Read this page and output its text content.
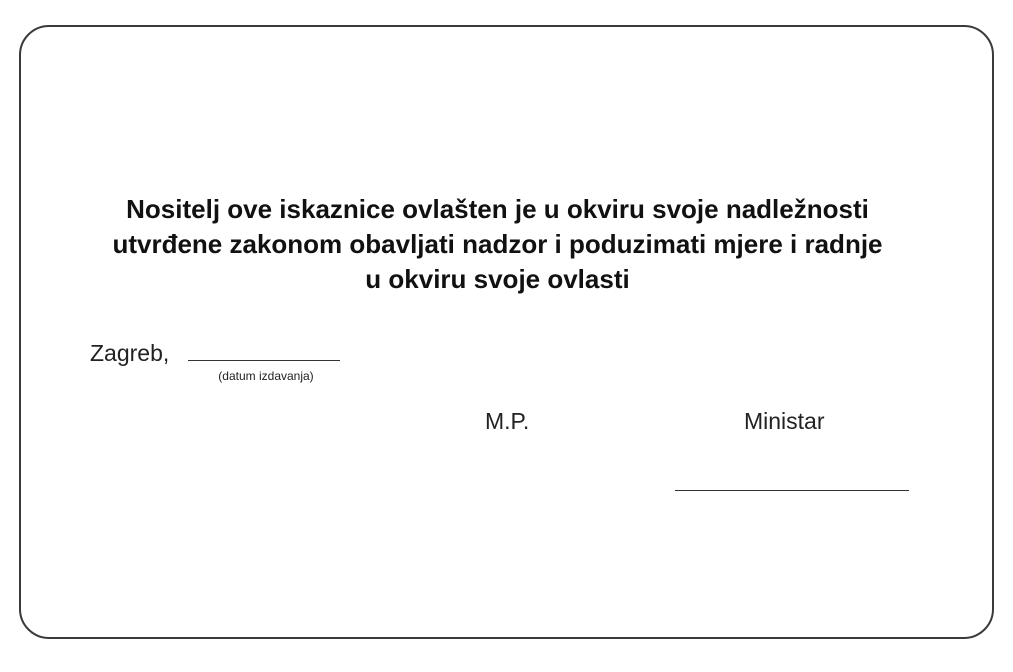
Nositelj ove iskaznice ovlašten je u okviru svoje nadležnosti
utvrđene zakonom obavljati nadzor i poduzimati mjere i radnje
u okviru svoje ovlasti
Zagreb,
(datum izdavanja)
M.P.	Ministar
